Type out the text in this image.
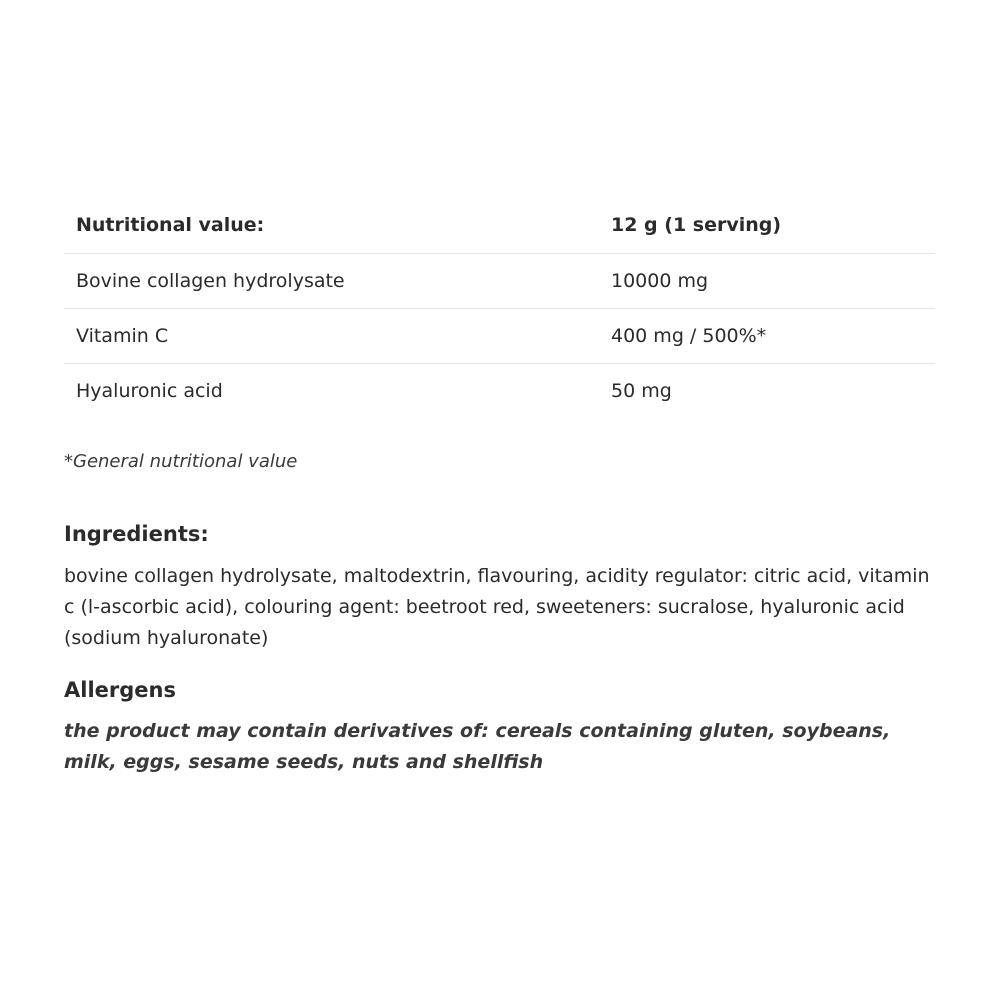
Nutritional value:	12 g (1 serving)
Bovine collagen hydrolysate	10000 mg
Vitamin C	400 mg / 500%*
Hyaluronic acid	50 mg

*General nutritional value

Ingredients:

bovine collagen hydrolysate, maltodextrin, flavouring, acidity regulator: citric acid, vitamin c (l-ascorbic acid), colouring agent: beetroot red, sweeteners: sucralose, hyaluronic acid (sodium hyaluronate)

Allergens

the product may contain derivatives of: cereals containing gluten, soybeans, milk, eggs, sesame seeds, nuts and shellfish
